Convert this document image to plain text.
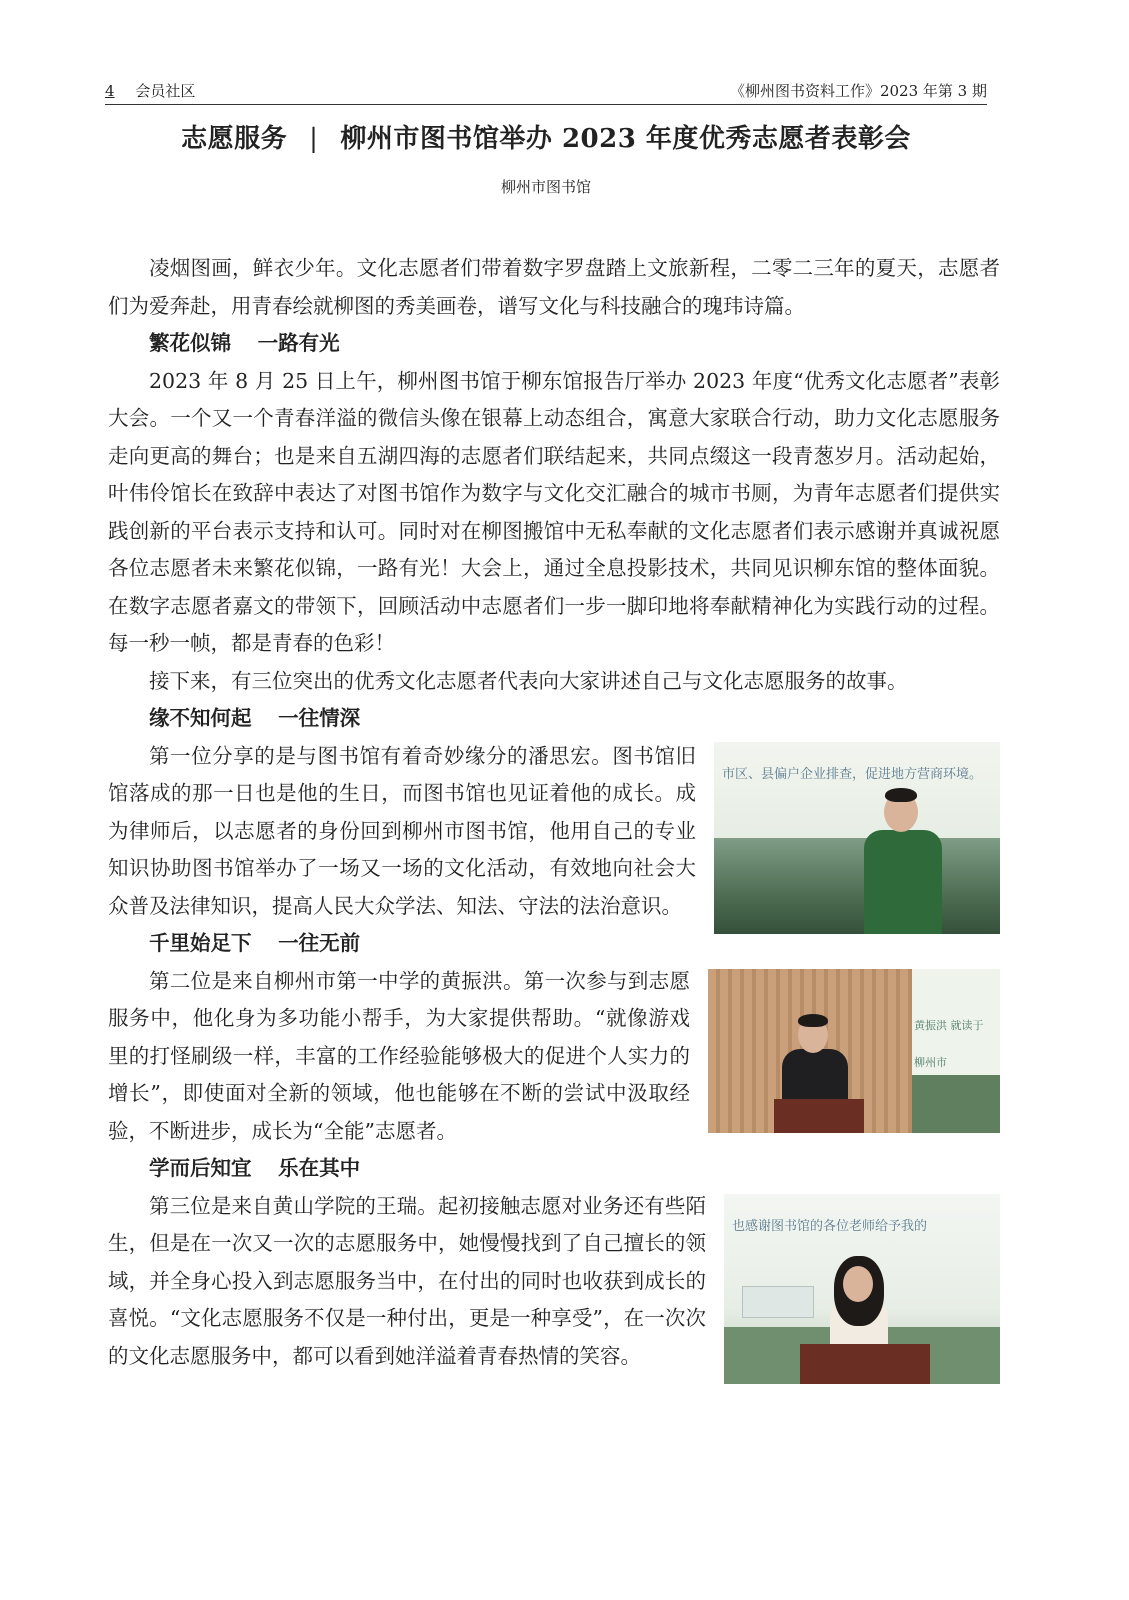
4 会员社区	《柳州图书资料工作》2023 年第 3 期
志愿服务 | 柳州市图书馆举办 2023 年度优秀志愿者表彰会
柳州市图书馆

凌烟图画，鲜衣少年。文化志愿者们带着数字罗盘踏上文旅新程，二零二三年的夏天，志愿者们为爱奔赴，用青春绘就柳图的秀美画卷，谱写文化与科技融合的瑰玮诗篇。

繁花似锦 一路有光

2023 年 8 月 25 日上午，柳州图书馆于柳东馆报告厅举办 2023 年度“优秀文化志愿者”表彰大会。一个又一个青春洋溢的微信头像在银幕上动态组合，寓意大家联合行动，助力文化志愿服务走向更高的舞台；也是来自五湖四海的志愿者们联结起来，共同点缀这一段青葱岁月。活动起始，叶伟伶馆长在致辞中表达了对图书馆作为数字与文化交汇融合的城市书厕，为青年志愿者们提供实践创新的平台表示支持和认可。同时对在柳图搬馆中无私奉献的文化志愿者们表示感谢并真诚祝愿各位志愿者未来繁花似锦，一路有光！大会上，通过全息投影技术，共同见识柳东馆的整体面貌。在数字志愿者嘉文的带领下，回顾活动中志愿者们一步一脚印地将奉献精神化为实践行动的过程。每一秒一帧，都是青春的色彩！

接下来，有三位突出的优秀文化志愿者代表向大家讲述自己与文化志愿服务的故事。

缘不知何起 一往情深
市区、县偏户企业排查，促进地方营商环境。

第一位分享的是与图书馆有着奇妙缘分的潘思宏。图书馆旧馆落成的那一日也是他的生日，而图书馆也见证着他的成长。成为律师后，以志愿者的身份回到柳州市图书馆，他用自己的专业知识协助图书馆举办了一场又一场的文化活动，有效地向社会大众普及法律知识，提高人民大众学法、知法、守法的法治意识。

千里始足下 一往无前
黄振洪 就读于柳州市

第二位是来自柳州市第一中学的黄振洪。第一次参与到志愿服务中，他化身为多功能小帮手，为大家提供帮助。“就像游戏里的打怪刷级一样，丰富的工作经验能够极大的促进个人实力的增长”，即使面对全新的领域，他也能够在不断的尝试中汲取经验，不断进步，成长为“全能”志愿者。

学而后知宜 乐在其中
也感谢图书馆的各位老师给予我的

第三位是来自黄山学院的王瑞。起初接触志愿对业务还有些陌生，但是在一次又一次的志愿服务中，她慢慢找到了自己擅长的领域，并全身心投入到志愿服务当中，在付出的同时也收获到成长的喜悦。“文化志愿服务不仅是一种付出，更是一种享受”，在一次次的文化志愿服务中，都可以看到她洋溢着青春热情的笑容。
